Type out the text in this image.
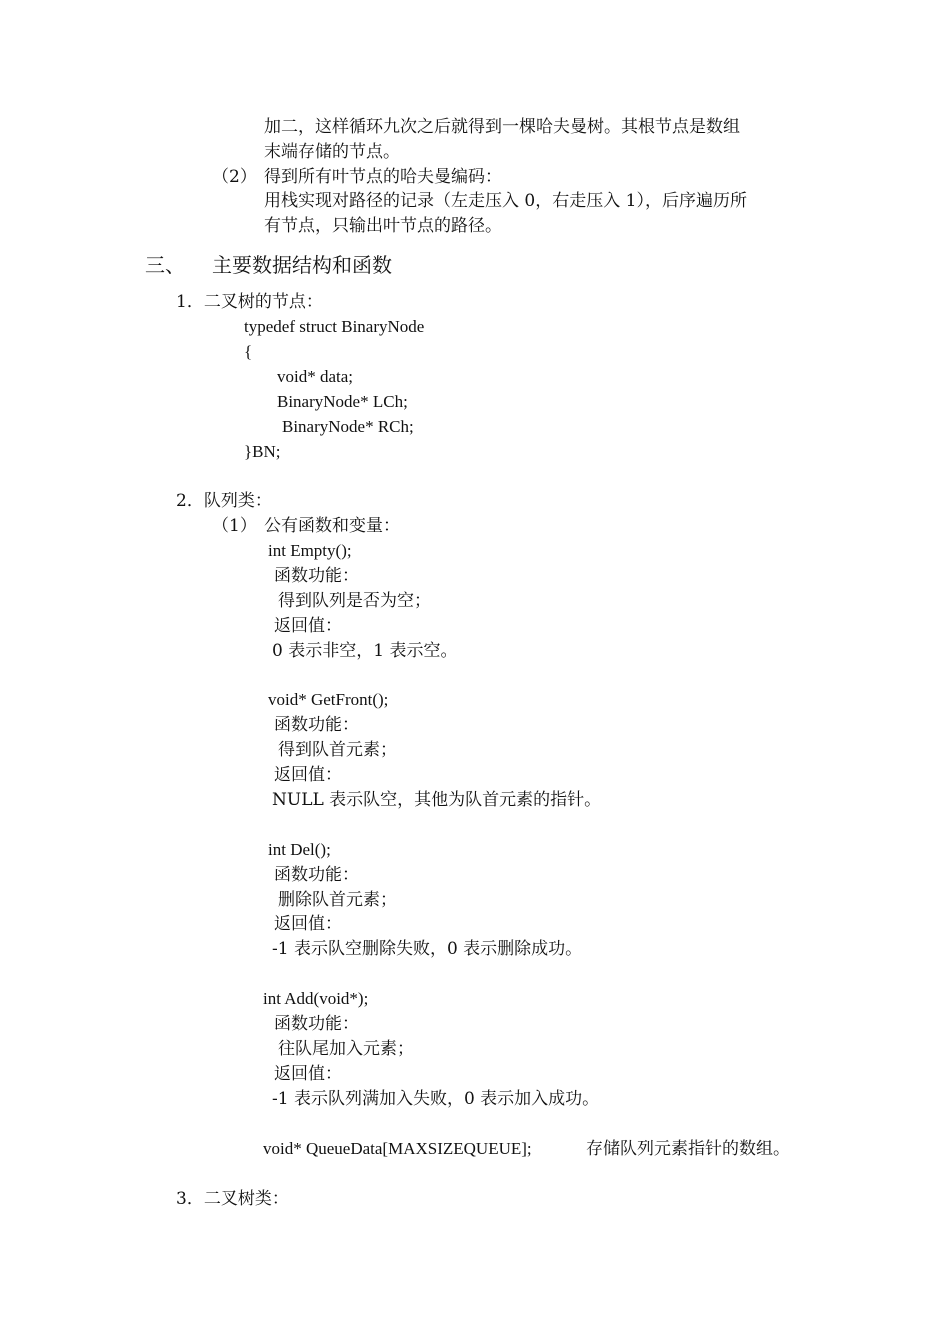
加二，这样循环九次之后就得到一棵哈夫曼树。其根节点是数组
末端存储的节点。
（2） 得到所有叶节点的哈夫曼编码：
用栈实现对路径的记录（左走压入 0，右走压入 1），后序遍历所
有节点，只输出叶节点的路径。
三、 主要数据结构和函数
1．二叉树的节点：
typedef struct BinaryNode
{
void* data;
BinaryNode* LCh;
BinaryNode* RCh;
}BN;
2．队列类：
（1） 公有函数和变量：
int Empty();
函数功能：
得到队列是否为空；
返回值：
0 表示非空，1 表示空。
void* GetFront();
函数功能：
得到队首元素；
返回值：
NULL 表示队空，其他为队首元素的指针。
int Del();
函数功能：
删除队首元素；
返回值：
-1 表示队空删除失败，0 表示删除成功。
int Add(void*);
函数功能：
往队尾加入元素；
返回值：
-1 表示队列满加入失败，0 表示加入成功。
void* QueueData[MAXSIZEQUEUE];	存储队列元素指针的数组。
3．二叉树类：
